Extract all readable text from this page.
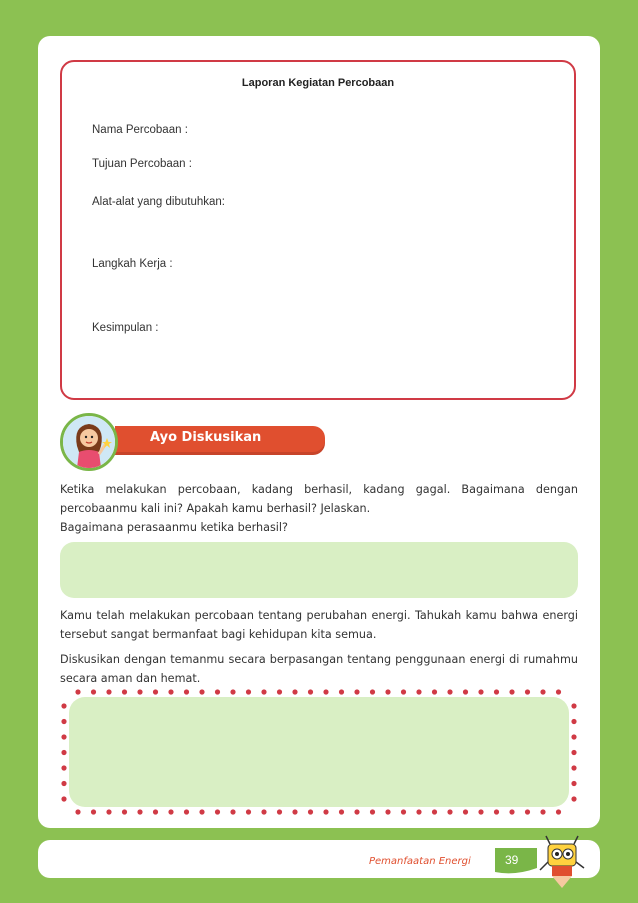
Laporan Kegiatan Percobaan
Nama Percobaan :
Tujuan Percobaan :
Alat-alat yang dibutuhkan:
Langkah Kerja :
Kesimpulan :
Ayo Diskusikan
Ketika melakukan percobaan, kadang berhasil, kadang gagal. Bagaimana dengan percobaanmu kali ini? Apakah kamu berhasil? Jelaskan.
Bagaimana perasaanmu ketika berhasil?
Kamu telah melakukan percobaan tentang perubahan energi. Tahukah kamu bahwa energi tersebut sangat bermanfaat bagi kehidupan kita semua.
Diskusikan dengan temanmu secara berpasangan tentang penggunaan energi di rumahmu secara aman dan hemat.
Pemanfaatan Energi	39
